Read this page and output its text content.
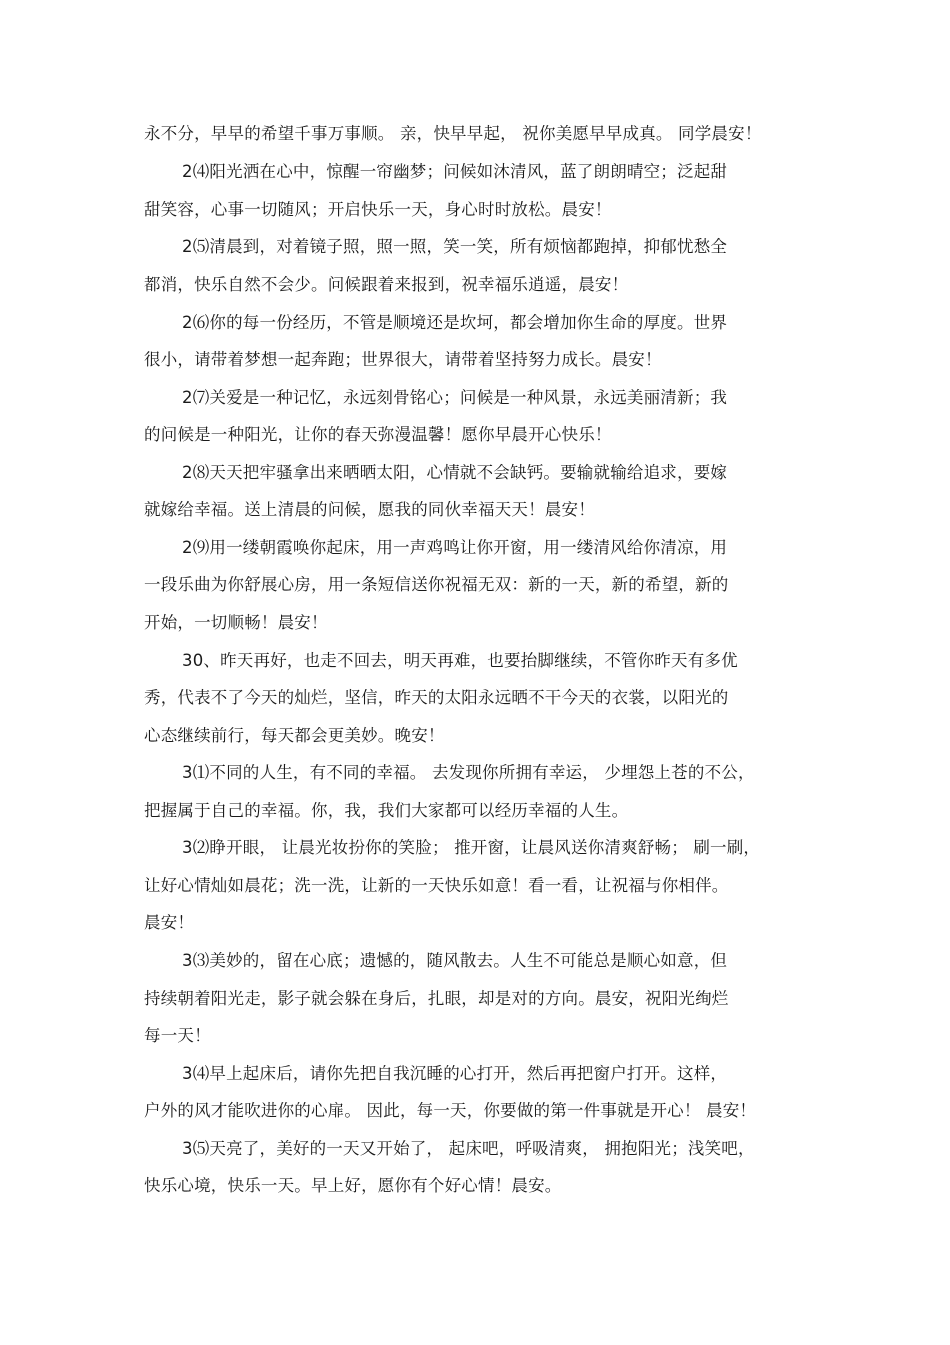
永不分，早早的希望千事万事顺。 亲，快早早起， 祝你美愿早早成真。 同学晨安！
2⑷阳光洒在心中，惊醒一帘幽梦；问候如沐清风，蓝了朗朗晴空；泛起甜
甜笑容，心事一切随风；开启快乐一天，身心时时放松。晨安！
2⑸清晨到，对着镜子照，照一照，笑一笑，所有烦恼都跑掉，抑郁忧愁全
都消，快乐自然不会少。问候跟着来报到，祝幸福乐逍遥，晨安！
2⑹你的每一份经历，不管是顺境还是坎坷，都会增加你生命的厚度。世界
很小，请带着梦想一起奔跑；世界很大，请带着坚持努力成长。晨安！
2⑺关爱是一种记忆，永远刻骨铭心；问候是一种风景，永远美丽清新；我
的问候是一种阳光，让你的春天弥漫温馨！愿你早晨开心快乐！
2⑻天天把牢骚拿出来晒晒太阳，心情就不会缺钙。要输就输给追求，要嫁
就嫁给幸福。送上清晨的问候，愿我的同伙幸福天天！晨安！
2⑼用一缕朝霞唤你起床，用一声鸡鸣让你开窗，用一缕清风给你清凉，用
一段乐曲为你舒展心房，用一条短信送你祝福无双：新的一天，新的希望，新的
开始，一切顺畅！晨安！
30、昨天再好，也走不回去，明天再难，也要抬脚继续，不管你昨天有多优
秀，代表不了今天的灿烂，坚信，昨天的太阳永远晒不干今天的衣裳，以阳光的
心态继续前行，每天都会更美妙。晚安！
3⑴不同的人生，有不同的幸福。 去发现你所拥有幸运， 少埋怨上苍的不公，
把握属于自己的幸福。你，我，我们大家都可以经历幸福的人生。
3⑵睁开眼， 让晨光妆扮你的笑脸； 推开窗，让晨风送你清爽舒畅； 刷一刷，
让好心情灿如晨花；洗一洗，让新的一天快乐如意！看一看，让祝福与你相伴。
晨安！
3⑶美妙的，留在心底；遗憾的，随风散去。人生不可能总是顺心如意，但
持续朝着阳光走，影子就会躲在身后，扎眼，却是对的方向。晨安，祝阳光绚烂
每一天！
3⑷早上起床后，请你先把自我沉睡的心打开，然后再把窗户打开。这样，
户外的风才能吹进你的心扉。 因此，每一天，你要做的第一件事就是开心！ 晨安！
3⑸天亮了，美好的一天又开始了， 起床吧，呼吸清爽， 拥抱阳光；浅笑吧，
快乐心境，快乐一天。早上好，愿你有个好心情！晨安。
